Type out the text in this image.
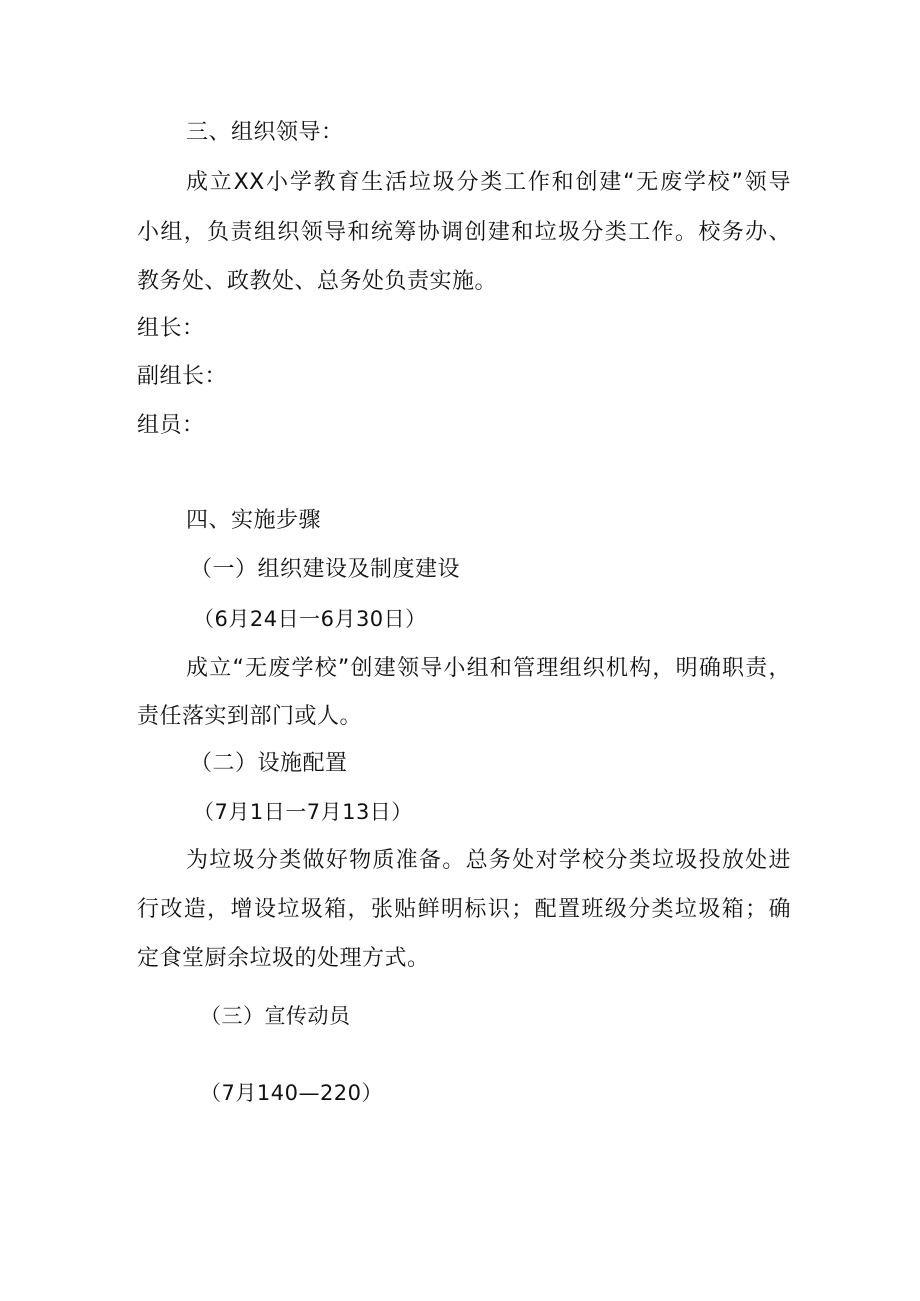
三、组织领导：
成立XX小学教育生活垃圾分类工作和创建“无废学校”领导
小组，负责组织领导和统筹协调创建和垃圾分类工作。校务办、
教务处、政教处、总务处负责实施。
组长：
副组长：
组员：
四、实施步骤
（一）组织建设及制度建设
（6月24日一6月30日）
成立“无废学校”创建领导小组和管理组织机构，明确职责，
责任落实到部门或人。
（二）设施配置
（7月1日一7月13日）
为垃圾分类做好物质准备。总务处对学校分类垃圾投放处进
行改造，增设垃圾箱，张贴鲜明标识；配置班级分类垃圾箱；确
定食堂厨余垃圾的处理方式。
（三）宣传动员
（7月140—220）
